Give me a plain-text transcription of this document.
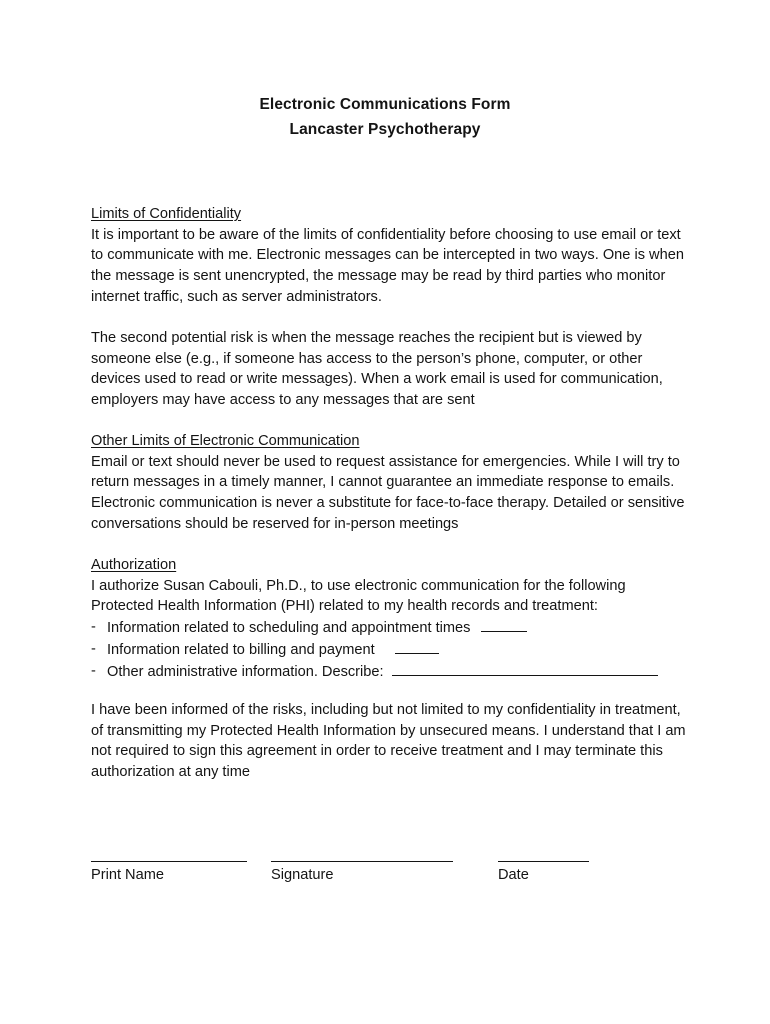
Electronic Communications Form
Lancaster Psychotherapy
Limits of Confidentiality

It is important to be aware of the limits of confidentiality before choosing to use email or text to communicate with me. Electronic messages can be intercepted in two ways. One is when the message is sent unencrypted, the message may be read by third parties who monitor internet traffic, such as server administrators.

The second potential risk is when the message reaches the recipient but is viewed by someone else (e.g., if someone has access to the person’s phone, computer, or other devices used to read or write messages). When a work email is used for communication, employers may have access to any messages that are sent

Other Limits of Electronic Communication

Email or text should never be used to request assistance for emergencies. While I will try to return messages in a timely manner, I cannot guarantee an immediate response to emails. Electronic communication is never a substitute for face-to-face therapy. Detailed or sensitive conversations should be reserved for in-person meetings

Authorization

I authorize Susan Cabouli, Ph.D., to use electronic communication for the following Protected Health Information (PHI) related to my health records and treatment:

- Information related to scheduling and appointment times
- Information related to billing and payment
- Other administrative information. Describe:

I have been informed of the risks, including but not limited to my confidentiality in treatment, of transmitting my Protected Health Information by unsecured means. I understand that I am not required to sign this agreement in order to receive treatment and I may terminate this authorization at any time

Print Name	Signature	Date
